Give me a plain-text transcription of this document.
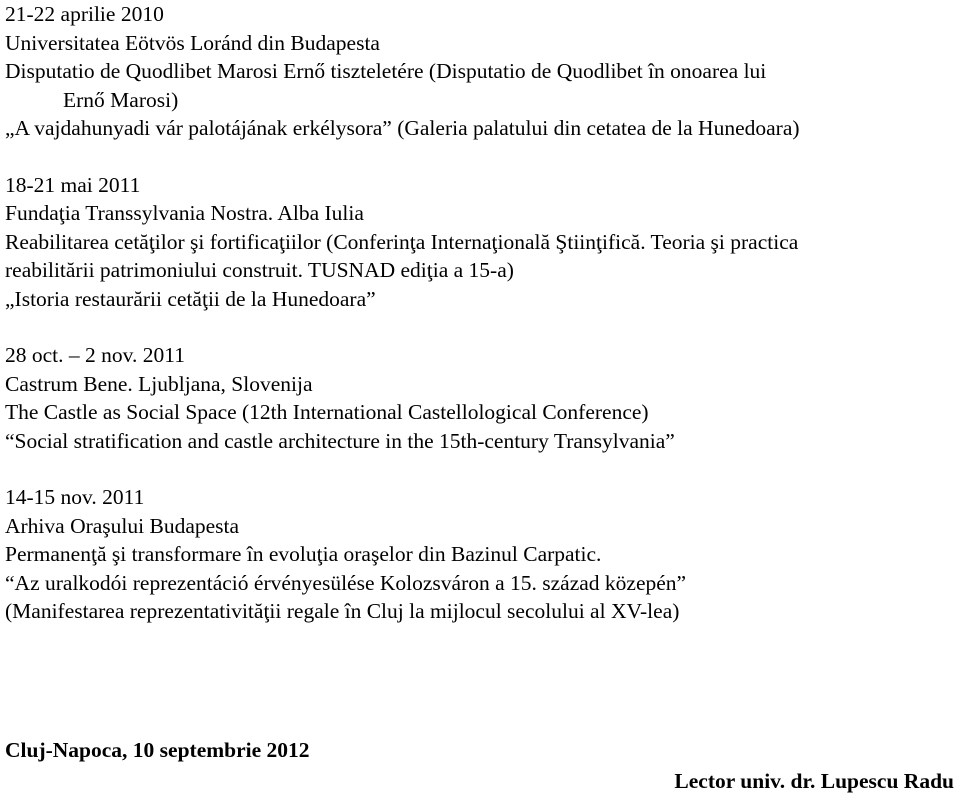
21-22 aprilie 2010
Universitatea Eötvös Loránd din Budapesta
Disputatio de Quodlibet Marosi Ernő tiszteletére (Disputatio de Quodlibet în onoarea lui
Ernő Marosi)
„A vajdahunyadi vár palotájának erkélysora” (Galeria palatului din cetatea de la Hunedoara)
18-21 mai 2011
Fundaţia Transsylvania Nostra. Alba Iulia
Reabilitarea cetăţilor şi fortificaţiilor (Conferinţa Internaţională Ştiinţifică. Teoria şi practica
reabilitării patrimoniului construit. TUSNAD ediţia a 15-a)
„Istoria restaurării cetăţii de la Hunedoara”
28 oct. – 2 nov. 2011
Castrum Bene. Ljubljana, Slovenija
The Castle as Social Space (12th International Castellological Conference)
“Social stratification and castle architecture in the 15th-century Transylvania”
14-15 nov. 2011
Arhiva Oraşului Budapesta
Permanenţă şi transformare în evoluţia oraşelor din Bazinul Carpatic.
“Az uralkodói reprezentáció érvényesülése Kolozsváron a 15. század közepén”
(Manifestarea reprezentativităţii regale în Cluj la mijlocul secolului al XV-lea)
Cluj-Napoca, 10 septembrie 2012
Lector univ. dr. Lupescu Radu
